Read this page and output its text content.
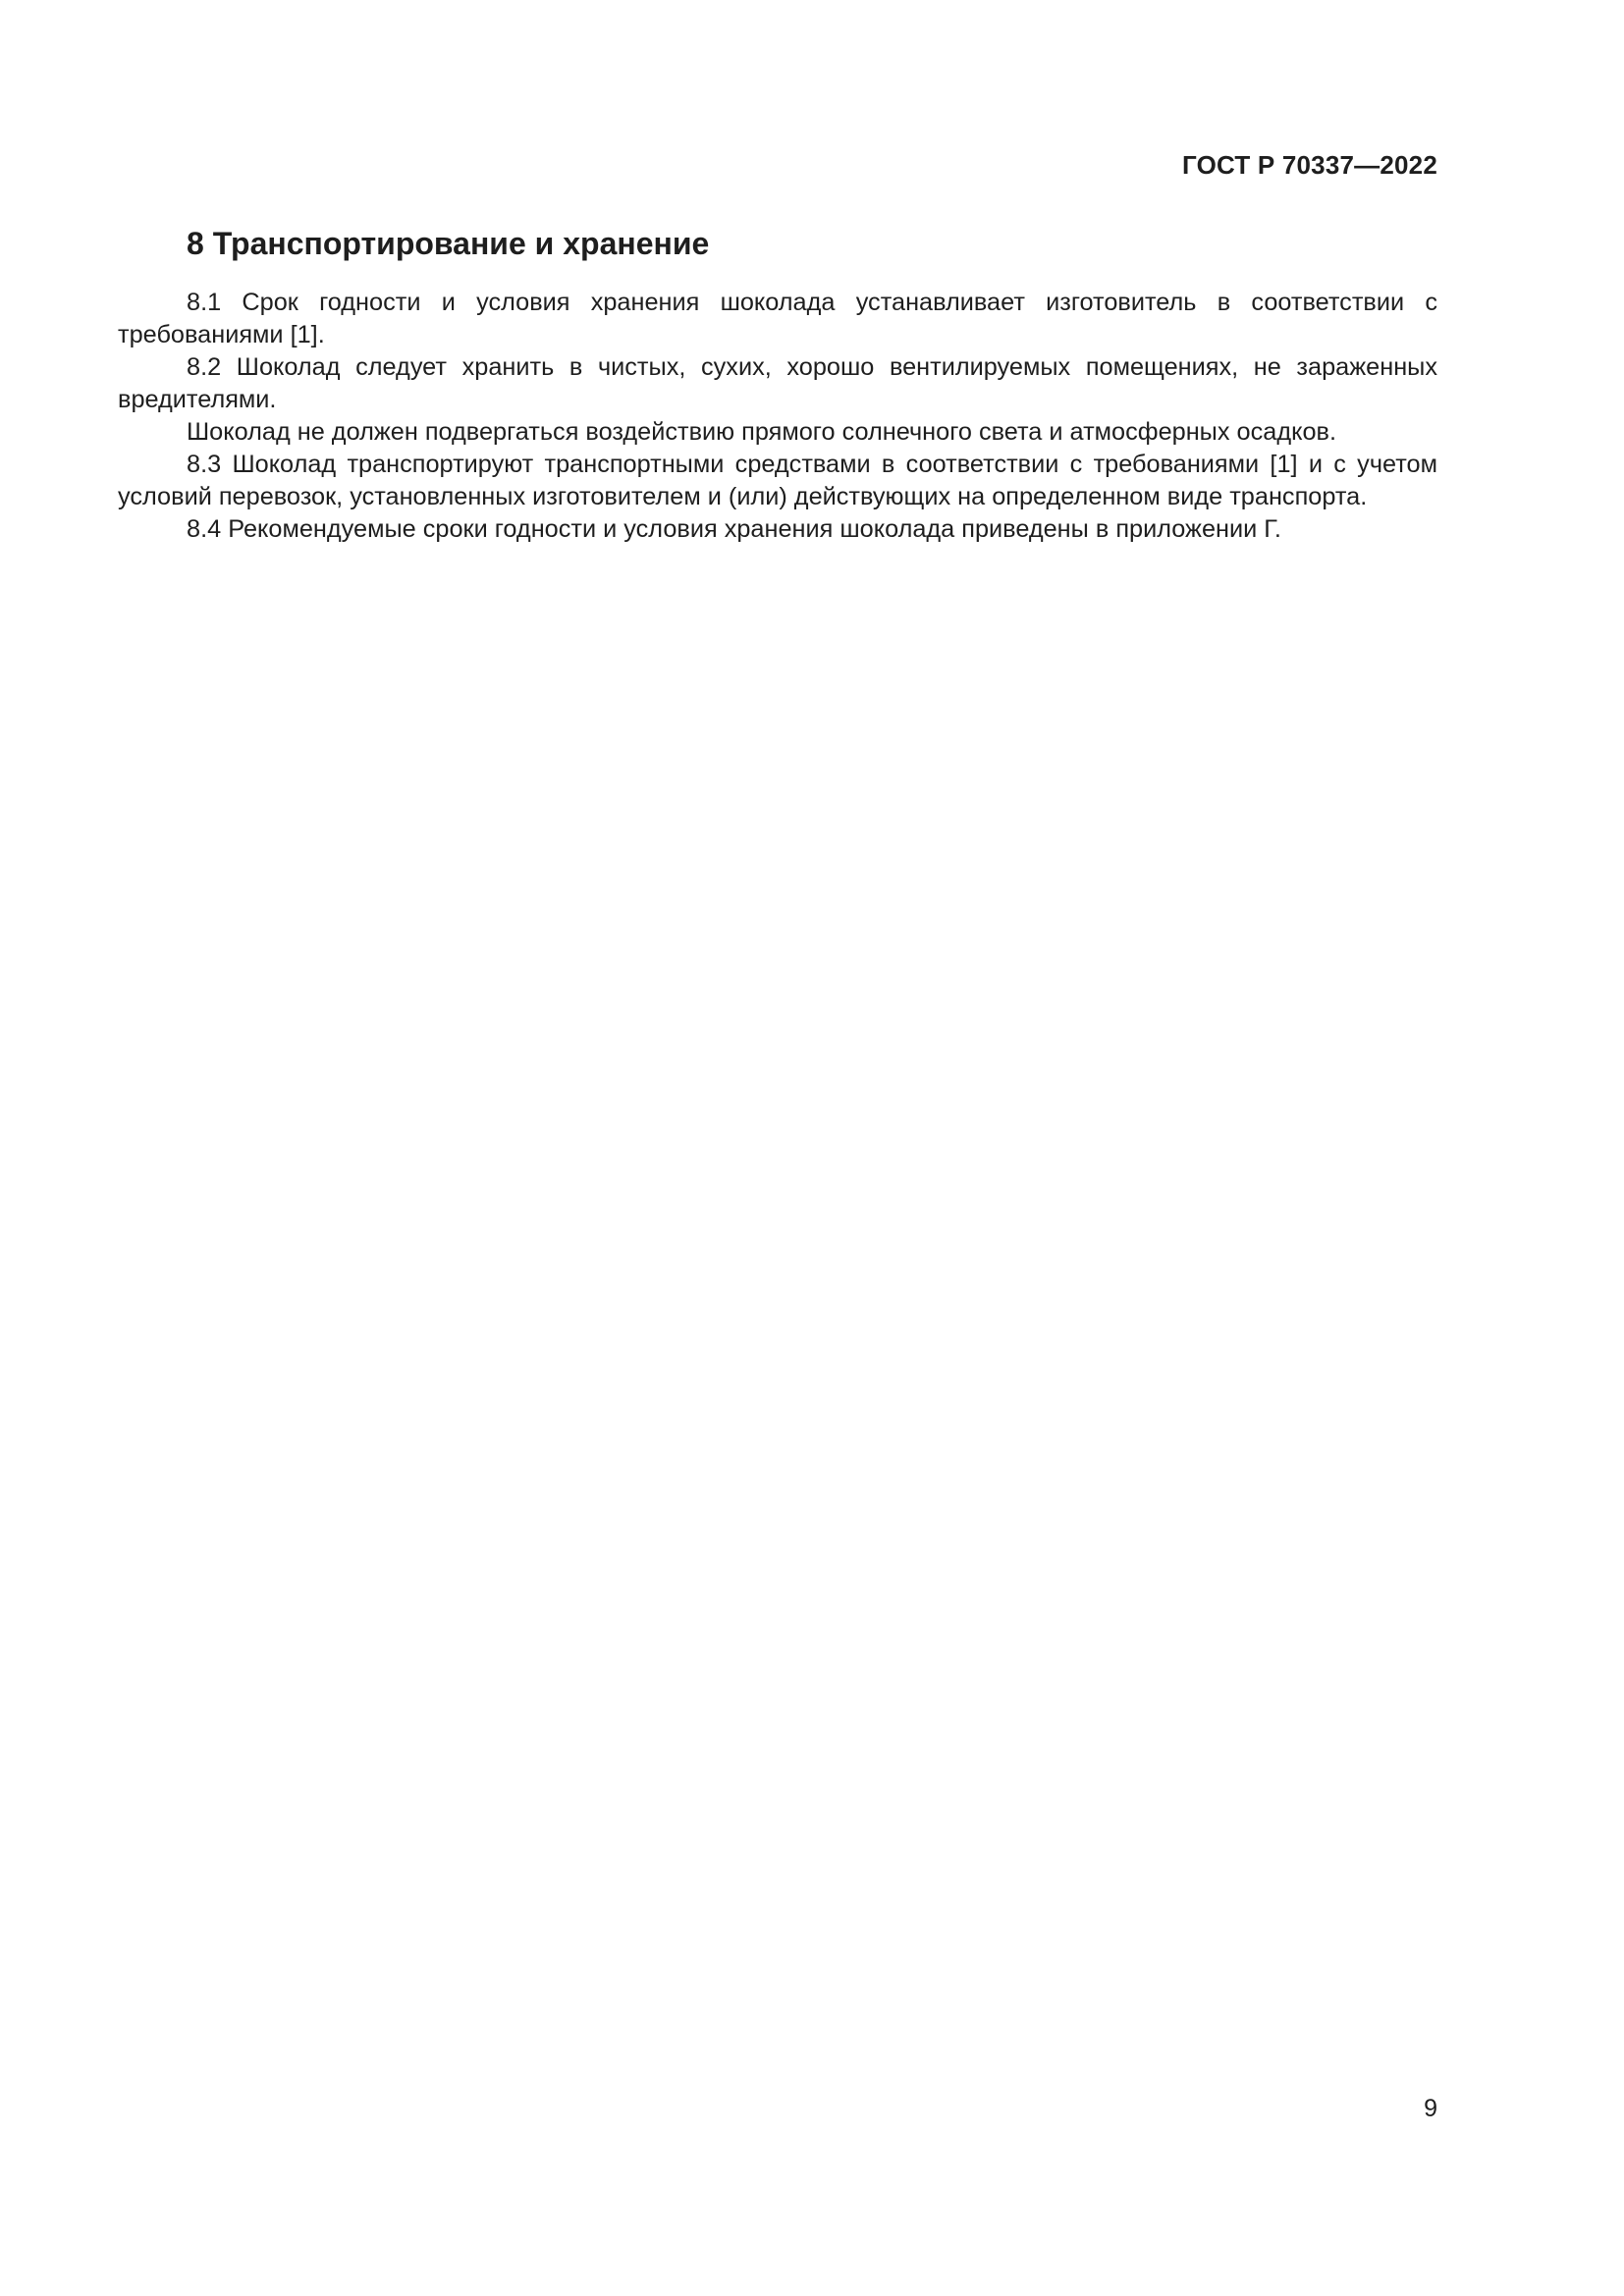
ГОСТ Р 70337—2022
8 Транспортирование и хранение

8.1 Срок годности и условия хранения шоколада устанавливает изготовитель в соответствии с требованиями [1].

8.2 Шоколад следует хранить в чистых, сухих, хорошо вентилируемых помещениях, не зараженных вредителями.

Шоколад не должен подвергаться воздействию прямого солнечного света и атмосферных осадков.

8.3 Шоколад транспортируют транспортными средствами в соответствии с требованиями [1] и с учетом условий перевозок, установленных изготовителем и (или) действующих на определенном виде транспорта.

8.4 Рекомендуемые сроки годности и условия хранения шоколада приведены в приложении Г.

9
